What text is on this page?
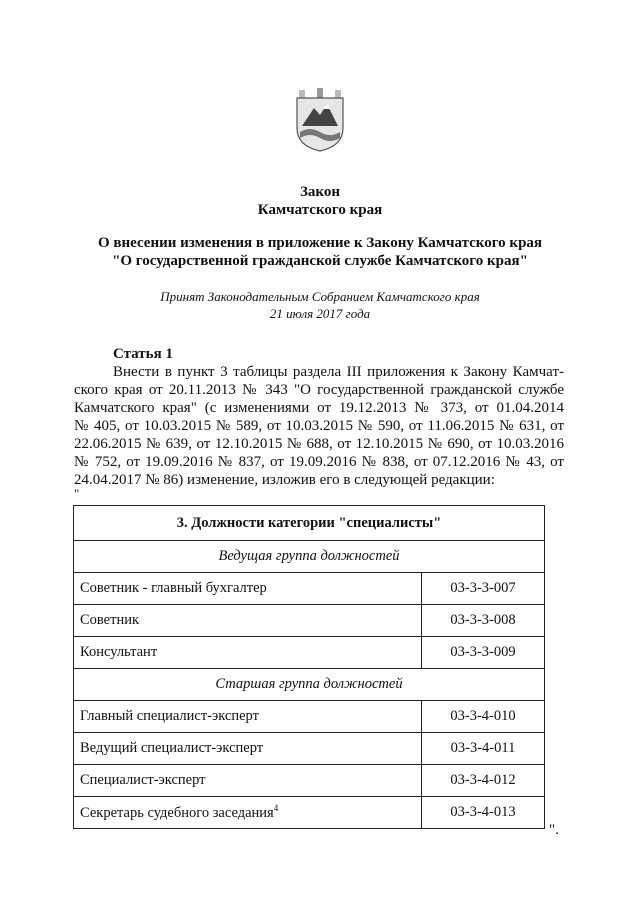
Закон
Камчатского края
О внесении изменения в приложение к Закону Камчатского края
"О государственной гражданской службе Камчатского края"
Принят Законодательным Собранием Камчатского края
21 июля 2017 года
Статья 1
Внести в пункт 3 таблицы раздела III приложения к Закону Камчат-
ского края от 20.11.2013 № 343 "О государственной гражданской службе
Камчатского края" (с изменениями от 19.12.2013 № 373, от 01.04.2014
№ 405, от 10.03.2015 № 589, от 10.03.2015 № 590, от 11.06.2015 № 631, от
22.06.2015 № 639, от 12.10.2015 № 688, от 12.10.2015 № 690, от 10.03.2016
№ 752, от 19.09.2016 № 837, от 19.09.2016 № 838, от 07.12.2016 № 43, от
24.04.2017 № 86) изменение, изложив его в следующей редакции:
"
3. Должности категории "специалисты"	
Ведущая группа должностей	
Советник - главный бухгалтер	03-3-3-007
Советник	03-3-3-008
Консультант	03-3-3-009
Старшая группа должностей	
Главный специалист-эксперт	03-3-4-010
Ведущий специалист-эксперт	03-3-4-011
Специалист-эксперт	03-3-4-012
Секретарь судебного заседания$^4$	03-3-4-013
".
